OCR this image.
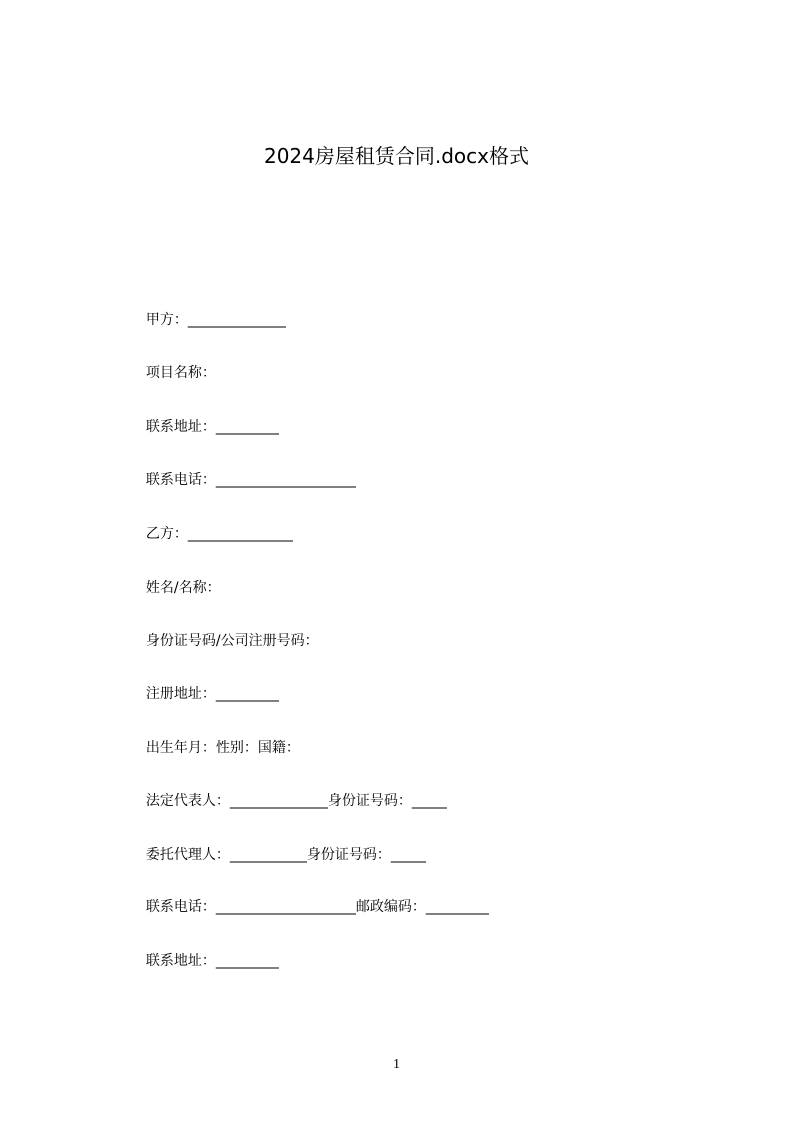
2024房屋租赁合同.docx格式

甲方：______________

项目名称：

联系地址：_________

联系电话：____________________

乙方：_______________

姓名/名称：

身份证号码/公司注册号码：

注册地址：_________

出生年月：性别：国籍：

法定代表人：______________身份证号码：_____

委托代理人：___________身份证号码：_____

联系电话：____________________邮政编码：_________

联系地址：_________

1
